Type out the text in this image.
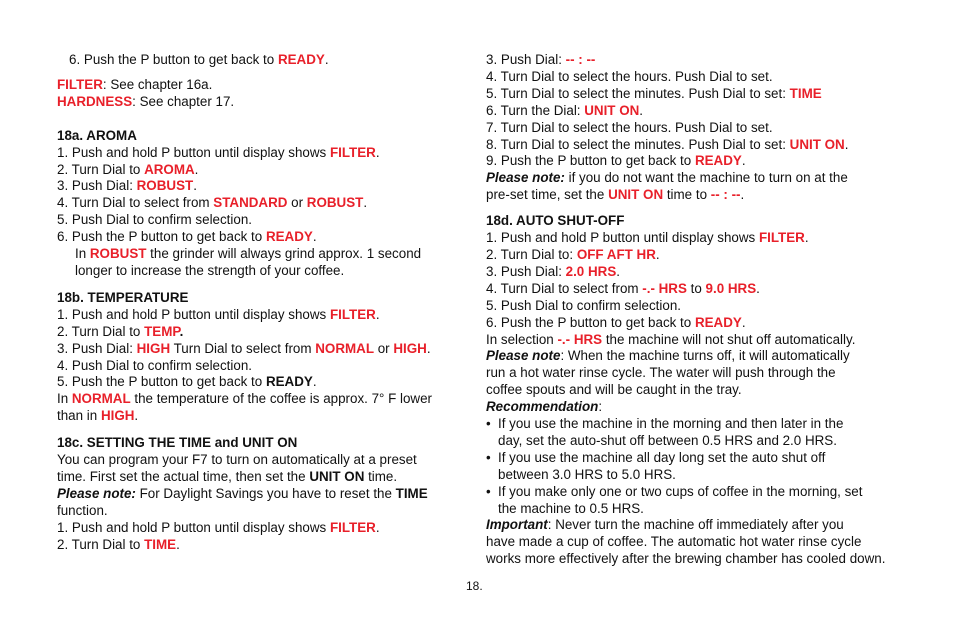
6. Push the P button to get back to READY.

FILTER: See chapter 16a.

HARDNESS: See chapter 17.

18a. AROMA

1. Push and hold P button until display shows FILTER.

2. Turn Dial to AROMA.

3. Push Dial: ROBUST.

4. Turn Dial to select from STANDARD or ROBUST.

5. Push Dial to confirm selection.

6. Push the P button to get back to READY.

In ROBUST the grinder will always grind approx. 1 second

longer to increase the strength of your coffee.

18b. TEMPERATURE

1. Push and hold P button until display shows FILTER.

2. Turn Dial to TEMP.

3. Push Dial: HIGH Turn Dial to select from NORMAL or HIGH.

4. Push Dial to confirm selection.

5. Push the P button to get back to READY.

In NORMAL the temperature of the coffee is approx. 7° F lower

than in HIGH.

18c. SETTING THE TIME and UNIT ON

You can program your F7 to turn on automatically at a preset

time. First set the actual time, then set the UNIT ON time.

Please note: For Daylight Savings you have to reset the TIME

function.

1. Push and hold P button until display shows FILTER.

2. Turn Dial to TIME.

3. Push Dial: -- : --

4. Turn Dial to select the hours. Push Dial to set.

5. Turn Dial to select the minutes. Push Dial to set: TIME

6. Turn the Dial: UNIT ON.

7. Turn Dial to select the hours. Push Dial to set.

8. Turn Dial to select the minutes. Push Dial to set: UNIT ON.

9. Push the P button to get back to READY.

Please note: if you do not want the machine to turn on at the

pre-set time, set the UNIT ON time to -- : --.

18d. AUTO SHUT-OFF

1. Push and hold P button until display shows FILTER.

2. Turn Dial to: OFF AFT HR.

3. Push Dial: 2.0 HRS.

4. Turn Dial to select from -.- HRS to 9.0 HRS.

5. Push Dial to confirm selection.

6. Push the P button to get back to READY.

In selection -.- HRS the machine will not shut off automatically.

Please note: When the machine turns off, it will automatically

run a hot water rinse cycle. The water will push through the

coffee spouts and will be caught in the tray.

Recommendation:

• If you use the machine in the morning and then later in the

day, set the auto-shut off between 0.5 HRS and 2.0 HRS.

• If you use the machine all day long set the auto shut off

between 3.0 HRS to 5.0 HRS.

• If you make only one or two cups of coffee in the morning, set

the machine to 0.5 HRS.

Important: Never turn the machine off immediately after you

have made a cup of coffee. The automatic hot water rinse cycle

works more effectively after the brewing chamber has cooled down.

18.
